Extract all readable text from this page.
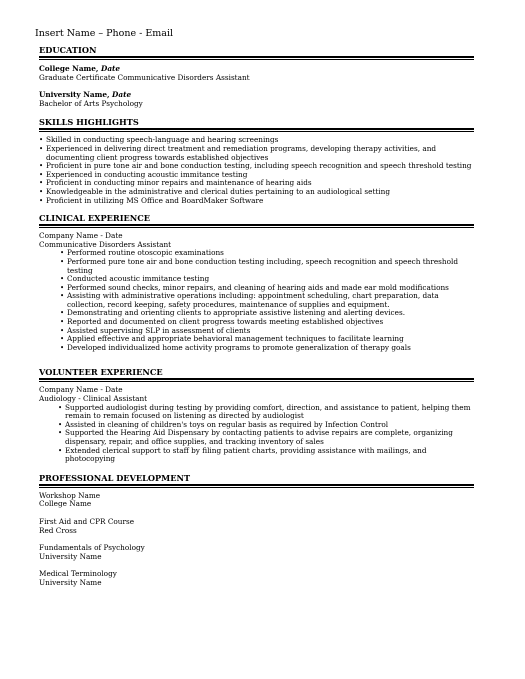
Insert Name – Phone - Email
EDUCATION
College Name, Date
Graduate Certificate Communicative Disorders Assistant
University Name, Date
Bachelor of Arts Psychology
SKILLS HIGHLIGHTS
• Skilled in conducting speech-language and hearing screenings
• Experienced in delivering direct treatment and remediation programs, developing therapy activities, and documenting client progress towards established objectives
• Proficient in pure tone air and bone conduction testing, including speech recognition and speech threshold testing
• Experienced in conducting acoustic immitance testing
• Proficient in conducting minor repairs and maintenance of hearing aids
• Knowledgeable in the administrative and clerical duties pertaining to an audiological setting
• Proficient in utilizing MS Office and BoardMaker Software
CLINICAL EXPERIENCE
Company Name - Date
Communicative Disorders Assistant
• Performed routine otoscopic examinations
• Performed pure tone air and bone conduction testing including, speech recognition and speech threshold testing
• Conducted acoustic immitance testing
• Performed sound checks, minor repairs, and cleaning of hearing aids and made ear mold modifications
• Assisting with administrative operations including: appointment scheduling, chart preparation, data collection, record keeping, safety procedures, maintenance of supplies and equipment.
• Demonstrating and orienting clients to appropriate assistive listening and alerting devices.
• Reported and documented on client progress towards meeting established objectives
• Assisted supervising SLP in assessment of clients
• Applied effective and appropriate behavioral management techniques to facilitate learning
• Developed individualized home activity programs to promote generalization of therapy goals
VOLUNTEER EXPERIENCE
Company Name - Date
Audiology - Clinical Assistant
• Supported audiologist during testing by providing comfort, direction, and assistance to patient, helping them remain to remain focused on listening as directed by audiologist
• Assisted in cleaning of children's toys on regular basis as required by Infection Control
• Supported the Hearing Aid Dispensary by contacting patients to advise repairs are complete, organizing dispensary, repair, and office supplies, and tracking inventory of sales
• Extended clerical support to staff by filing patient charts, providing assistance with mailings, and photocopying
PROFESSIONAL DEVELOPMENT
Workshop Name
College Name
First Aid and CPR Course
Red Cross
Fundamentals of Psychology
University Name
Medical Terminology
University Name
